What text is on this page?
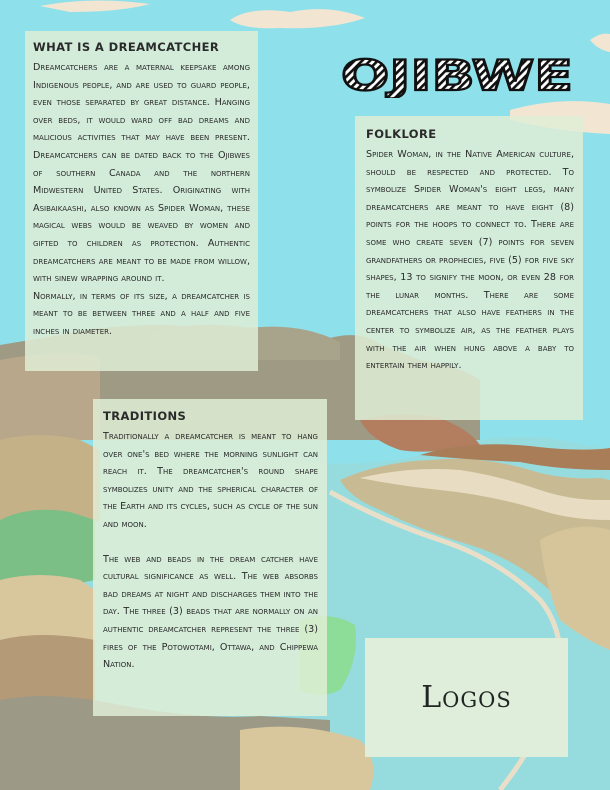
OJIBWE
WHAT IS A DREAMCATCHER

Dreamcatchers are a maternal keepsake among Indigenous people, and are used to guard people, even those separated by great distance. Hanging over beds, it would ward off bad dreams and malicious activities that may have been present. Dreamcatchers can be dated back to the Ojibwes of southern Canada and the northern Midwestern United States. Originating with Asibaikaashi, also known as Spider Woman, these magical webs would be weaved by women and gifted to children as protection. Authentic dreamcatchers are meant to be made from willow, with sinew wrapping around it.

Normally, in terms of its size, a dreamcatcher is meant to be between three and a half and five inches in diameter.

FOLKLORE

Spider Woman, in the Native American culture, should be respected and protected. To symbolize Spider Woman's eight legs, many dreamcatchers are meant to have eight (8) points for the hoops to connect to. There are some who create seven (7) points for seven grandfathers or prophecies, five (5) for five sky shapes, 13 to signify the moon, or even 28 for the lunar months. There are some dreamcatchers that also have feathers in the center to symbolize air, as the feather plays with the air when hung above a baby to entertain them happily.

TRADITIONS

Traditionally a dreamcatcher is meant to hang over one's bed where the morning sunlight can reach it. The dreamcatcher's round shape symbolizes unity and the spherical character of the Earth and its cycles, such as cycle of the sun and moon.

The web and beads in the dream catcher have cultural significance as well. The web absorbs bad dreams at night and discharges them into the day. The three (3) beads that are normally on an authentic dreamcatcher represent the three (3) fires of the Potowotami, Ottawa, and Chippewa Nation.

Logos
